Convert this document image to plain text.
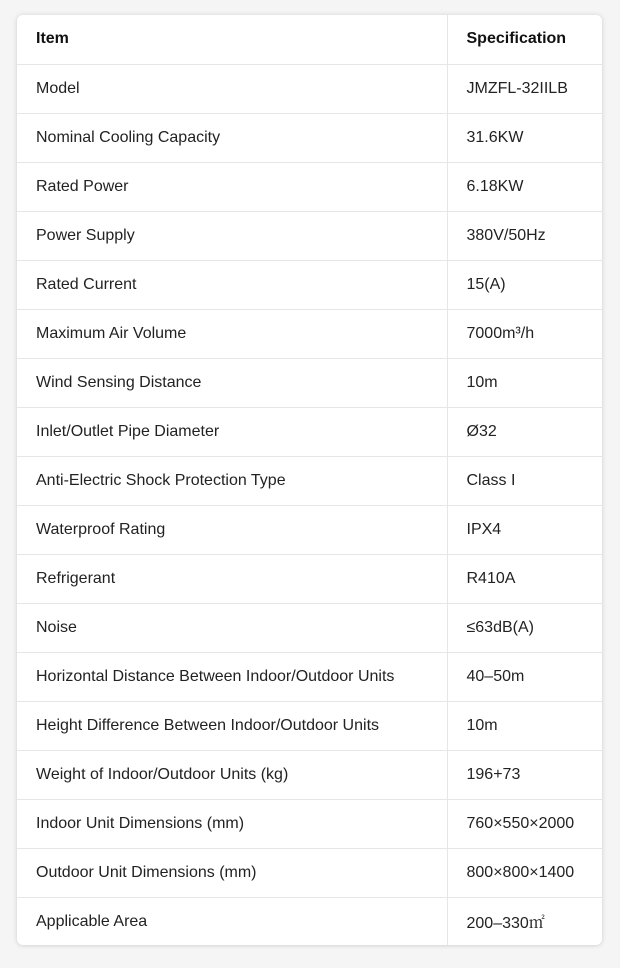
Item	Specification
Model	JMZFL-32IILB
Nominal Cooling Capacity	31.6KW
Rated Power	6.18KW
Power Supply	380V/50Hz
Rated Current	15(A)
Maximum Air Volume	7000m³/h
Wind Sensing Distance	10m
Inlet/Outlet Pipe Diameter	Ø32
Anti-Electric Shock Protection Type	Class I
Waterproof Rating	IPX4
Refrigerant	R410A
Noise	≤63dB(A)
Horizontal Distance Between Indoor/Outdoor Units	40–50m
Height Difference Between Indoor/Outdoor Units	10m
Weight of Indoor/Outdoor Units (kg)	196+73
Indoor Unit Dimensions (mm)	760×550×2000
Outdoor Unit Dimensions (mm)	800×800×1400
Applicable Area	200–330㎡
